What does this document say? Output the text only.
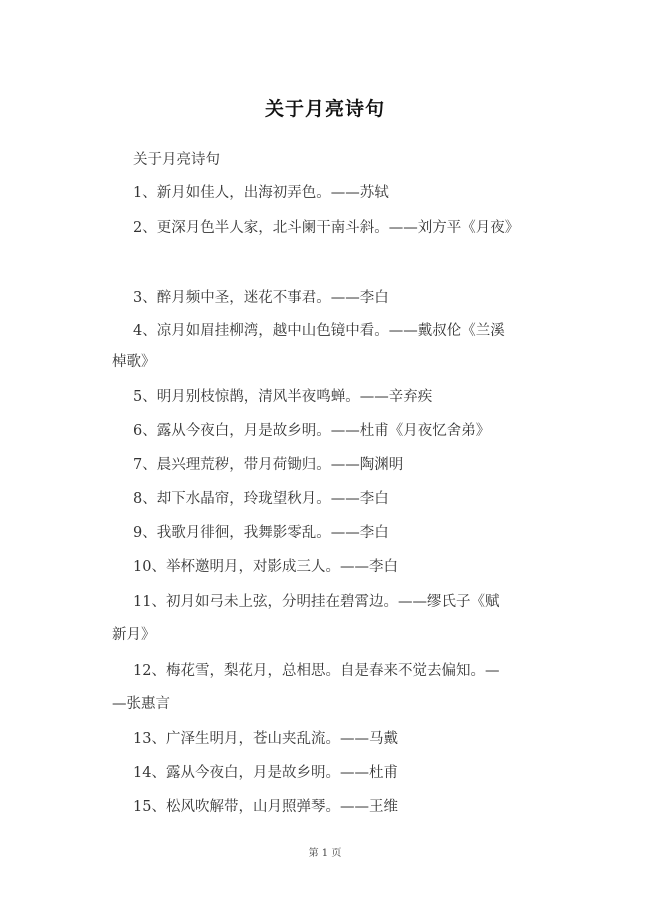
关于月亮诗句
关于月亮诗句
1、新月如佳人，出海初弄色。——苏轼
2、更深月色半人家，北斗阑干南斗斜。——刘方平《月夜》
3、醉月频中圣，迷花不事君。——李白
4、凉月如眉挂柳湾，越中山色镜中看。——戴叔伦《兰溪
棹歌》
5、明月别枝惊鹊，清风半夜鸣蝉。——辛弃疾
6、露从今夜白，月是故乡明。——杜甫《月夜忆舍弟》
7、晨兴理荒秽，带月荷锄归。——陶渊明
8、却下水晶帘，玲珑望秋月。——李白
9、我歌月徘徊，我舞影零乱。——李白
10、举杯邀明月，对影成三人。——李白
11、初月如弓未上弦，分明挂在碧霄边。——缪氏子《赋
新月》
12、梅花雪，梨花月，总相思。自是春来不觉去偏知。—
—张惠言
13、广泽生明月，苍山夹乱流。——马戴
14、露从今夜白，月是故乡明。——杜甫
15、松风吹解带，山月照弹琴。——王维
第 1 页
